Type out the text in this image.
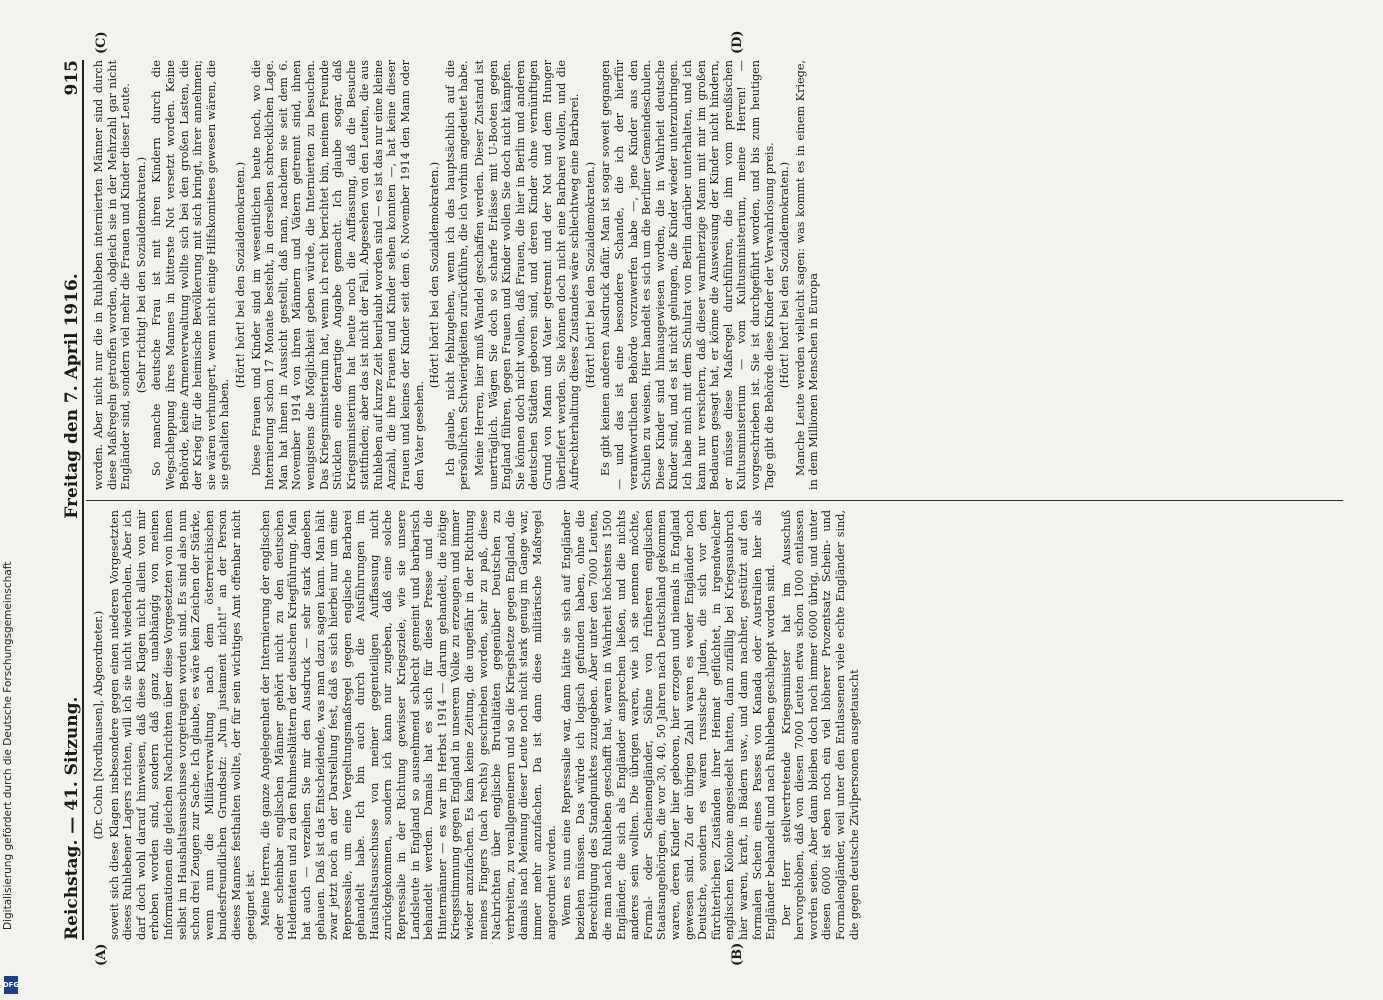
Reichstag. — 41. Sitzung.
Freitag den 7. April 1916.
915
(A)	(B)
(C)	(D)

(Dr. Cohn [Nordhausen], Abgeordneter.) soweit sich diese Klagen insbesondere gegen einen niederen Vorgesetzten dieses Ruhlebener Lagers richten, will ich sie nicht wiederholen. Aber ich darf doch wohl darauf hinweisen, daß diese Klagen nicht allein von mir erhoben worden sind, sondern daß ganz unabhängig von meinen Informationen die gleichen Nachrichten über diese Vorgesetzten von ihnen selbst im Haushaltsausschusse vorgetragen worden sind. Es sind also nun schon drei Zeugen zur Sache. Ich glaube, es wäre kein Zeichen der Stärke, wenn nun die Militärverwaltung nach dem österreichischen bundesfreundlichen Grundsatz: „Nun justament nicht!“ an der Person dieses Mannes festhalten wollte, der für sein wichtiges Amt offenbar nicht geeignet ist. Meine Herren, die ganze Angelegenheit der Internierung der englischen oder scheinbar englischen Männer gehört nicht zu den deutschen Heldentaten und zu den Ruhmesblättern der deutschen Kriegführung. Man hat auch — verzeihen Sie mir den Ausdruck — sehr stark daneben gehauen. Daß ist das Entscheidende, was man dazu sagen kann. Man hält zwar jetzt noch an der Darstellung fest, daß es sich hierbei nur um eine Repressalie, um eine Vergeltungsmaßregel gegen englische Barbarei gehandelt habe. Ich bin auch durch die Ausführungen im Haushaltsausschusse von meiner gegenteiligen Auffassung nicht zurückgekommen, sondern ich kann nur zugeben, daß eine solche Repressalie in der Richtung gewisser Kriegsziele, wie sie unsere Landsleute in England so ausnehmend schlecht gemeint und barbarisch behandelt werden. Damals hat es sich für diese Presse und die Hintermänner — es war im Herbst 1914 — darum gehandelt, die nötige Kriegsstimmung gegen England in unserem Volke zu erzeugen und immer wieder anzufachen. Es kam keine Zeitung, die ungefähr in der Richtung meines Fingers (nach rechts) geschrieben worden, sehr zu paß, diese Nachrichten über englische Brutalitäten gegenüber Deutschen zu verbreiten, zu verallgemeinern und so die Kriegshetze gegen England, die damals nach Meinung dieser Leute noch nicht stark genug im Gange war, immer mehr anzufachen. Da ist dann diese militärische Maßregel angeordnet worden. Wenn es nun eine Repressalie war, dann hätte sie sich auf Engländer beziehen müssen. Das würde ich logisch gefunden haben, ohne die Berechtigung des Standpunktes zuzugeben. Aber unter den 7000 Leuten, die man nach Ruhleben geschafft hat, waren in Wahrheit höchstens 1500 Engländer, die sich als Engländer ansprechen ließen, und die nichts anderes sein wollten. Die übrigen waren, wie ich sie nennen möchte, Formal- oder Scheinengländer, Söhne von früheren englischen Staatsangehörigen, die vor 30, 40, 50 Jahren nach Deutschland gekommen waren, deren Kinder hier geboren, hier erzogen und niemals in England gewesen sind. Zu der übrigen Zahl waren es weder Engländer noch Deutsche, sondern es waren russische Juden, die sich vor den fürchterlichen Zuständen ihrer Heimat geflüchtet, in irgendwelcher englischen Kolonie angesiedelt hatten, dann zufällig bei Kriegsausbruch hier waren, kraft, in Bädern usw., und dann nachher, gestützt auf den formalen Schein eines Passes von Kanada oder Australien hier als Engländer behandelt und nach Ruhleben geschleppt worden sind. Der Herr stellvertretende Kriegsminister hat im Ausschuß hervorgehoben, daß von diesen 7000 Leuten etwa schon 1000 entlassen worden seien. Aber dann bleiben doch noch immer 6000 übrig, und unter diesen 6000 ist eben noch ein viel höherer Prozentsatz Schein- und Formalengländer, weil unter den Entlassenen viele echte Engländer sind, die gegen deutsche Zivilpersonen ausgetauscht

worden. Aber nicht nur die in Ruhleben internierten Männer sind durch diese Maßregeln getroffen worden, obgleich sie in der Mehrzahl gar nicht Engländer sind, sondern viel mehr die Frauen und Kinder dieser Leute. (Sehr richtig! bei den Sozialdemokraten.) So manche deutsche Frau ist mit ihren Kindern durch die Wegschleppung ihres Mannes in bitterste Not versetzt worden. Keine Behörde, keine Armenverwaltung wollte sich bei den großen Lasten, die der Krieg für die heimische Bevölkerung mit sich bringt, ihrer annehmen; sie wären verhungert, wenn nicht einige Hilfskomitees gewesen wären, die sie gehalten haben.

(Hört! hört! bei den Sozialdemokraten.) Diese Frauen und Kinder sind im wesentlichen heute noch, wo die Internierung schon 17 Monate besteht, in derselben schrecklichen Lage. Man hat ihnen in Aussicht gestellt, daß man, nachdem sie seit dem 6. November 1914 von ihren Männern und Vätern getrennt sind, ihnen wenigstens die Möglichkeit geben würde, die Internierten zu besuchen. Das Kriegsministerium hat, wenn ich recht berichtet bin, meinem Freunde Stücklen eine derartige Angabe gemacht. Ich glaube sogar, daß Kriegsministerium hat heute noch die Auffassung, daß die Besuche stattfinden; aber das ist nicht der Fall. Abgesehen von den Leuten, die aus Ruhleben auf kurze Zeit beurlaubt worden sind — es ist das nur eine kleine Anzahl, die ihre Frauen und Kinder sehen konnten —, hat keine dieser Frauen und keines der Kinder seit dem 6. November 1914 den Mann oder den Vater gesehen.

(Hört! hört! bei den Sozialdemokraten.) Ich glaube, nicht fehlzugehen, wenn ich das hauptsächlich auf die persönlichen Schwierigkeiten zurückführe, die ich vorhin angedeutet habe. Meine Herren, hier muß Wandel geschaffen werden. Dieser Zustand ist unerträglich. Wägen Sie doch so scharfe Erlässe mit U-Booten gegen England führen, gegen Frauen und Kinder wollen Sie doch nicht kämpfen. Sie können doch nicht wollen, daß Frauen, die hier in Berlin und anderen deutschen Städten geboren sind, und deren Kinder ohne vernünftigen Grund von Mann und Vater getrennt und der Not und dem Hunger überliefert werden. Sie können doch nicht eine Barbarei wollen, und die Aufrechterhaltung dieses Zustandes wäre schlechtweg eine Barbarei. (Hört! hört! bei den Sozialdemokraten.) Es gibt keinen anderen Ausdruck dafür. Man ist sogar soweit gegangen — und das ist eine besondere Schande, die ich der hierfür verantwortlichen Behörde vorzuwerfen habe —, jene Kinder aus den Schulen zu weisen. Hier handelt es sich um die Berliner Gemeindeschulen. Diese Kinder sind hinausgewiesen worden, die in Wahrheit deutsche Kinder sind, und es ist nicht gelungen, die Kinder wieder unterzubringen. Ich habe mich mit dem Schulrat von Berlin darüber unterhalten, und ich kann nur versichern, daß dieser warmherzige Mann mit mir im großen Bedauern gesagt hat, er könne die Ausweisung der Kinder nicht hindern, er müsse diese Maßregel durchführen, die ihm vom preußischen Kultusministerium — vom Kultusministerium, meine Herren! — vorgeschrieben ist. Sie ist durchgeführt worden, und bis zum heutigen Tage gibt die Behörde diese Kinder der Verwahrlosung preis. (Hört! hört! bei den Sozialdemokraten.) Manche Leute werden vielleicht sagen: was kommt es in einem Kriege, in dem Millionen Menschen in Europa

Digitalisierung gefördert durch die Deutsche Forschungsgemeinschaft
DFG
